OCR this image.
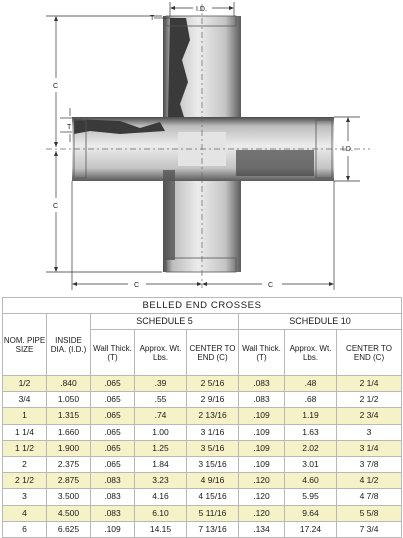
I.D.
T
C
T
C
I.D.
C	C
BELLED END CROSSES							
NOM. PIPE SIZE	INSIDE DIA. (I.D.)	SCHEDULE 5			SCHEDULE 10		
		Wall Thick. (T)	Approx. Wt. Lbs.	CENTER TO END (C)	Wall Thick. (T)	Approx. Wt. Lbs.	CENTER TO END (C)
1/2	.840	.065	.39	2 5/16	.083	.48	2 1/4
3/4	1.050	.065	.55	2 9/16	.083	.68	2 1/2
1	1.315	.065	.74	2 13/16	.109	1.19	2 3/4
1 1/4	1.660	.065	1.00	3 1/16	.109	1.63	3
1 1/2	1.900	.065	1.25	3 5/16	.109	2.02	3 1/4
2	2.375	.065	1.84	3 15/16	.109	3.01	3 7/8
2 1/2	2.875	.083	3.23	4 9/16	.120	4.60	4 1/2
3	3.500	.083	4.16	4 15/16	.120	5.95	4 7/8
4	4.500	.083	6.10	5 11/16	.120	9.64	5 5/8
6	6.625	.109	14.15	7 13/16	.134	17.24	7 3/4
